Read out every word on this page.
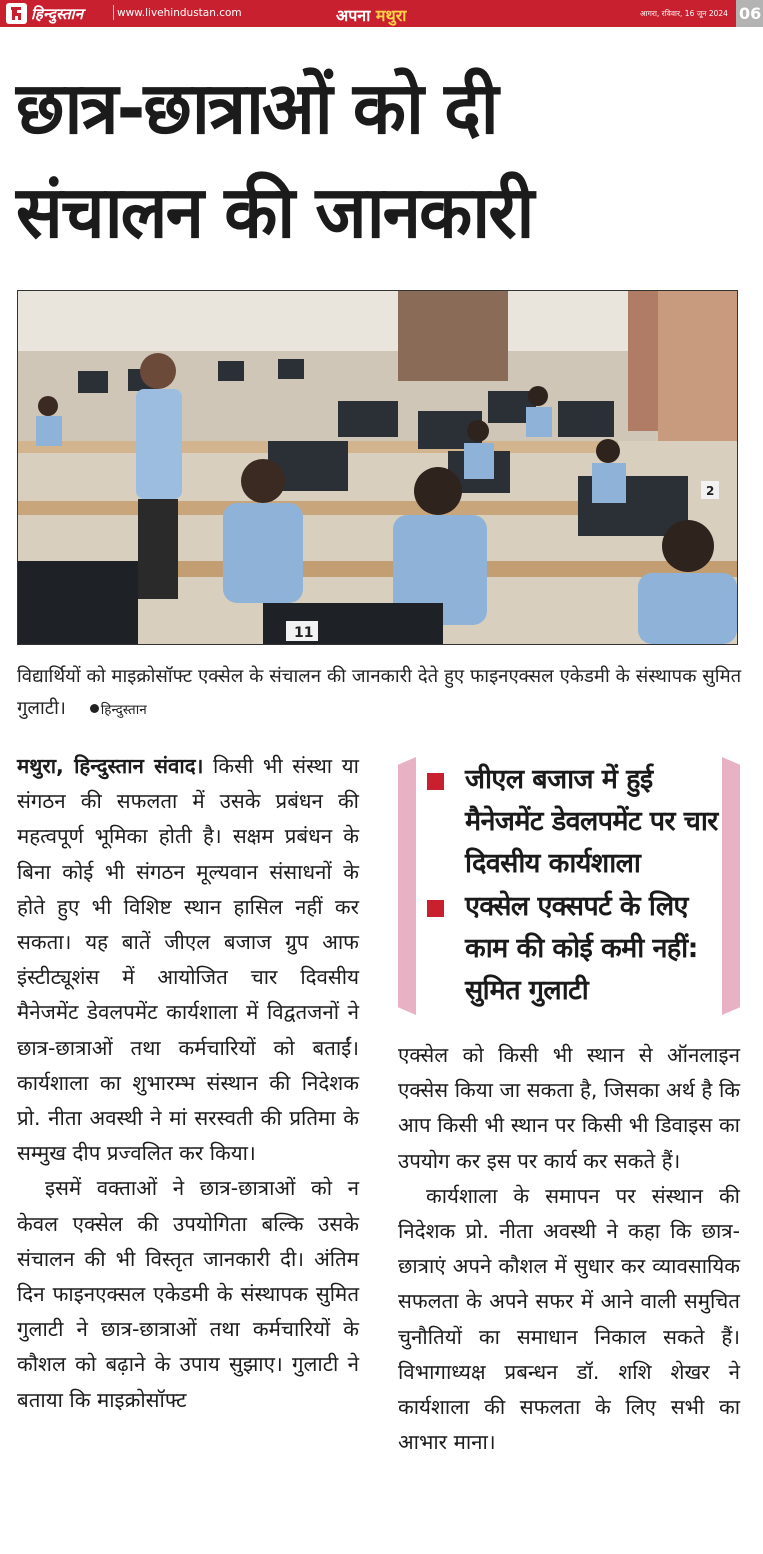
हिन्दुस्तान	www.livehindustan.com	अपना मथुरा	आगरा, रविवार, 16 जून 2024 06
छात्र-छात्राओं को दी
संचालन की जानकारी
11
2
विद्यार्थियों को माइक्रोसॉफ्ट एक्सेल के संचालन की जानकारी देते हुए फाइनएक्सल एकेडमी के संस्थापक सुमित गुलाटी।	हिन्दुस्तान

मथुरा, हिन्दुस्तान संवाद। किसी भी संस्था या संगठन की सफलता में उसके प्रबंधन की महत्वपूर्ण भूमिका होती है। सक्षम प्रबंधन के बिना कोई भी संगठन मूल्यवान संसाधनों के होते हुए भी विशिष्ट स्थान हासिल नहीं कर सकता। यह बातें जीएल बजाज ग्रुप आफ इंस्टीट्यूशंस में आयोजित चार दिवसीय मैनेजमेंट डेवलपमेंट कार्यशाला में विद्वतजनों ने छात्र-छात्राओं तथा कर्मचारियों को बताईं। कार्यशाला का शुभारम्भ संस्थान की निदेशक प्रो. नीता अवस्थी ने मां सरस्वती की प्रतिमा के सम्मुख दीप प्रज्वलित कर किया।

इसमें वक्ताओं ने छात्र-छात्राओं को न केवल एक्सेल की उपयोगिता बल्कि उसके संचालन की भी विस्तृत जानकारी दी। अंतिम दिन फाइनएक्सल एकेडमी के संस्थापक सुमित गुलाटी ने छात्र-छात्राओं तथा कर्मचारियों के कौशल को बढ़ाने के उपाय सुझाए। गुलाटी ने बताया कि माइक्रोसॉफ्ट

जीएल बजाज में हुई मैनेजमेंट डेवलपमेंट पर चार दिवसीय कार्यशाला
एक्सेल एक्सपर्ट के लिए काम की कोई कमी नहीं: सुमित गुलाटी

एक्सेल को किसी भी स्थान से ऑनलाइन एक्सेस किया जा सकता है, जिसका अर्थ है कि आप किसी भी स्थान पर किसी भी डिवाइस का उपयोग कर इस पर कार्य कर सकते हैं।

कार्यशाला के समापन पर संस्थान की निदेशक प्रो. नीता अवस्थी ने कहा कि छात्र-छात्राएं अपने कौशल में सुधार कर व्यावसायिक सफलता के अपने सफर में आने वाली समुचित चुनौतियों का समाधान निकाल सकते हैं। विभागाध्यक्ष प्रबन्धन डॉ. शशि शेखर ने कार्यशाला की सफलता के लिए सभी का आभार माना।
